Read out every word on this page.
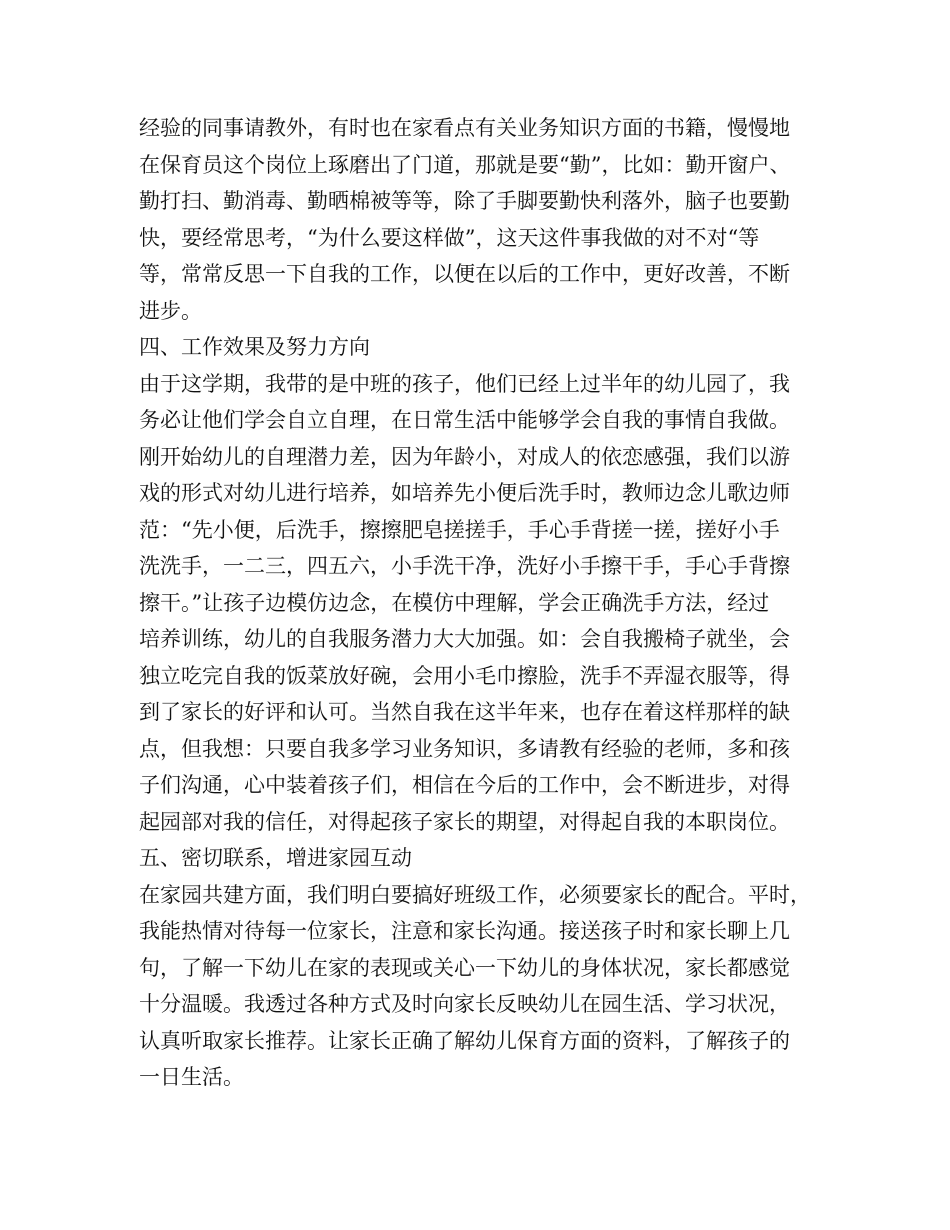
经验的同事请教外，有时也在家看点有关业务知识方面的书籍，慢慢地
在保育员这个岗位上琢磨出了门道，那就是要“勤”，比如：勤开窗户、
勤打扫、勤消毒、勤晒棉被等等，除了手脚要勤快利落外，脑子也要勤
快，要经常思考，“为什么要这样做”，这天这件事我做的对不对“等
等，常常反思一下自我的工作，以便在以后的工作中，更好改善，不断
进步。
四、工作效果及努力方向
由于这学期，我带的是中班的孩子，他们已经上过半年的幼儿园了，我
务必让他们学会自立自理，在日常生活中能够学会自我的事情自我做。
刚开始幼儿的自理潜力差，因为年龄小，对成人的依恋感强，我们以游
戏的形式对幼儿进行培养，如培养先小便后洗手时，教师边念儿歌边师
范：“先小便，后洗手，擦擦肥皂搓搓手，手心手背搓一搓，搓好小手
洗洗手，一二三，四五六，小手洗干净，洗好小手擦干手，手心手背擦
擦干。”让孩子边模仿边念，在模仿中理解，学会正确洗手方法，经过
培养训练，幼儿的自我服务潜力大大加强。如：会自我搬椅子就坐，会
独立吃完自我的饭菜放好碗，会用小毛巾擦脸，洗手不弄湿衣服等，得
到了家长的好评和认可。当然自我在这半年来，也存在着这样那样的缺
点，但我想：只要自我多学习业务知识，多请教有经验的老师，多和孩
子们沟通，心中装着孩子们，相信在今后的工作中，会不断进步，对得
起园部对我的信任，对得起孩子家长的期望，对得起自我的本职岗位。
五、密切联系，增进家园互动
在家园共建方面，我们明白要搞好班级工作，必须要家长的配合。平时，
我能热情对待每一位家长，注意和家长沟通。接送孩子时和家长聊上几
句，了解一下幼儿在家的表现或关心一下幼儿的身体状况，家长都感觉
十分温暖。我透过各种方式及时向家长反映幼儿在园生活、学习状况，
认真听取家长推荐。让家长正确了解幼儿保育方面的资料，了解孩子的
一日生活。
